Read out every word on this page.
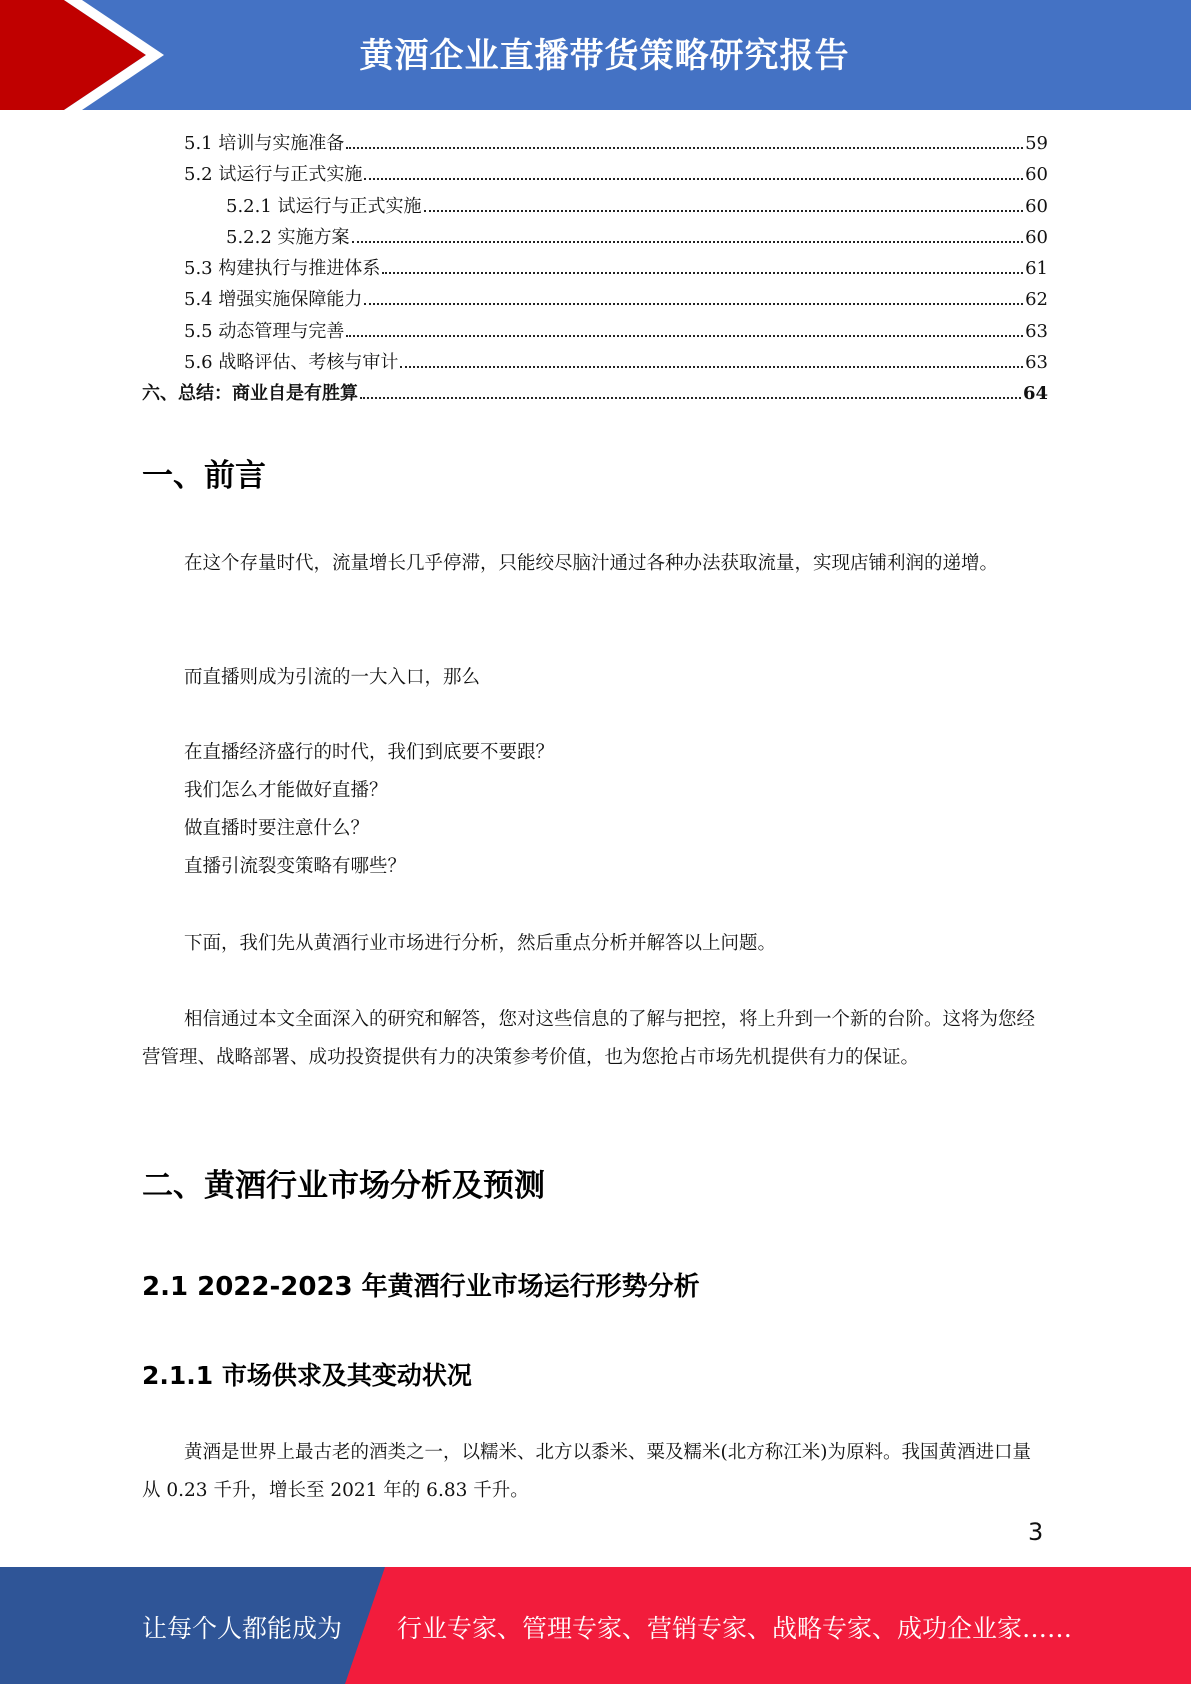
黄酒企业直播带货策略研究报告
5.1 培训与实施准备	59
5.2 试运行与正式实施	60
5.2.1 试运行与正式实施	60
5.2.2 实施方案	60
5.3 构建执行与推进体系	61
5.4 增强实施保障能力	62
5.5 动态管理与完善	63
5.6 战略评估、考核与审计	63
六、总结：商业自是有胜算	64
一、前言

在这个存量时代，流量增长几乎停滞，只能绞尽脑汁通过各种办法获取流量，实现店铺利润的递增。

而直播则成为引流的一大入口，那么

在直播经济盛行的时代，我们到底要不要跟？

我们怎么才能做好直播？

做直播时要注意什么？

直播引流裂变策略有哪些？

下面，我们先从黄酒行业市场进行分析，然后重点分析并解答以上问题。

相信通过本文全面深入的研究和解答，您对这些信息的了解与把控，将上升到一个新的台阶。这将为您经营管理、战略部署、成功投资提供有力的决策参考价值，也为您抢占市场先机提供有力的保证。

二、黄酒行业市场分析及预测
2.1 2022-2023 年黄酒行业市场运行形势分析
2.1.1 市场供求及其变动状况

黄酒是世界上最古老的酒类之一，以糯米、北方以黍米、粟及糯米(北方称江米)为原料。我国黄酒进口量从 0.23 千升，增长至 2021 年的 6.83 千升。

3
让每个人都能成为 行业专家、管理专家、营销专家、战略专家、成功企业家……
